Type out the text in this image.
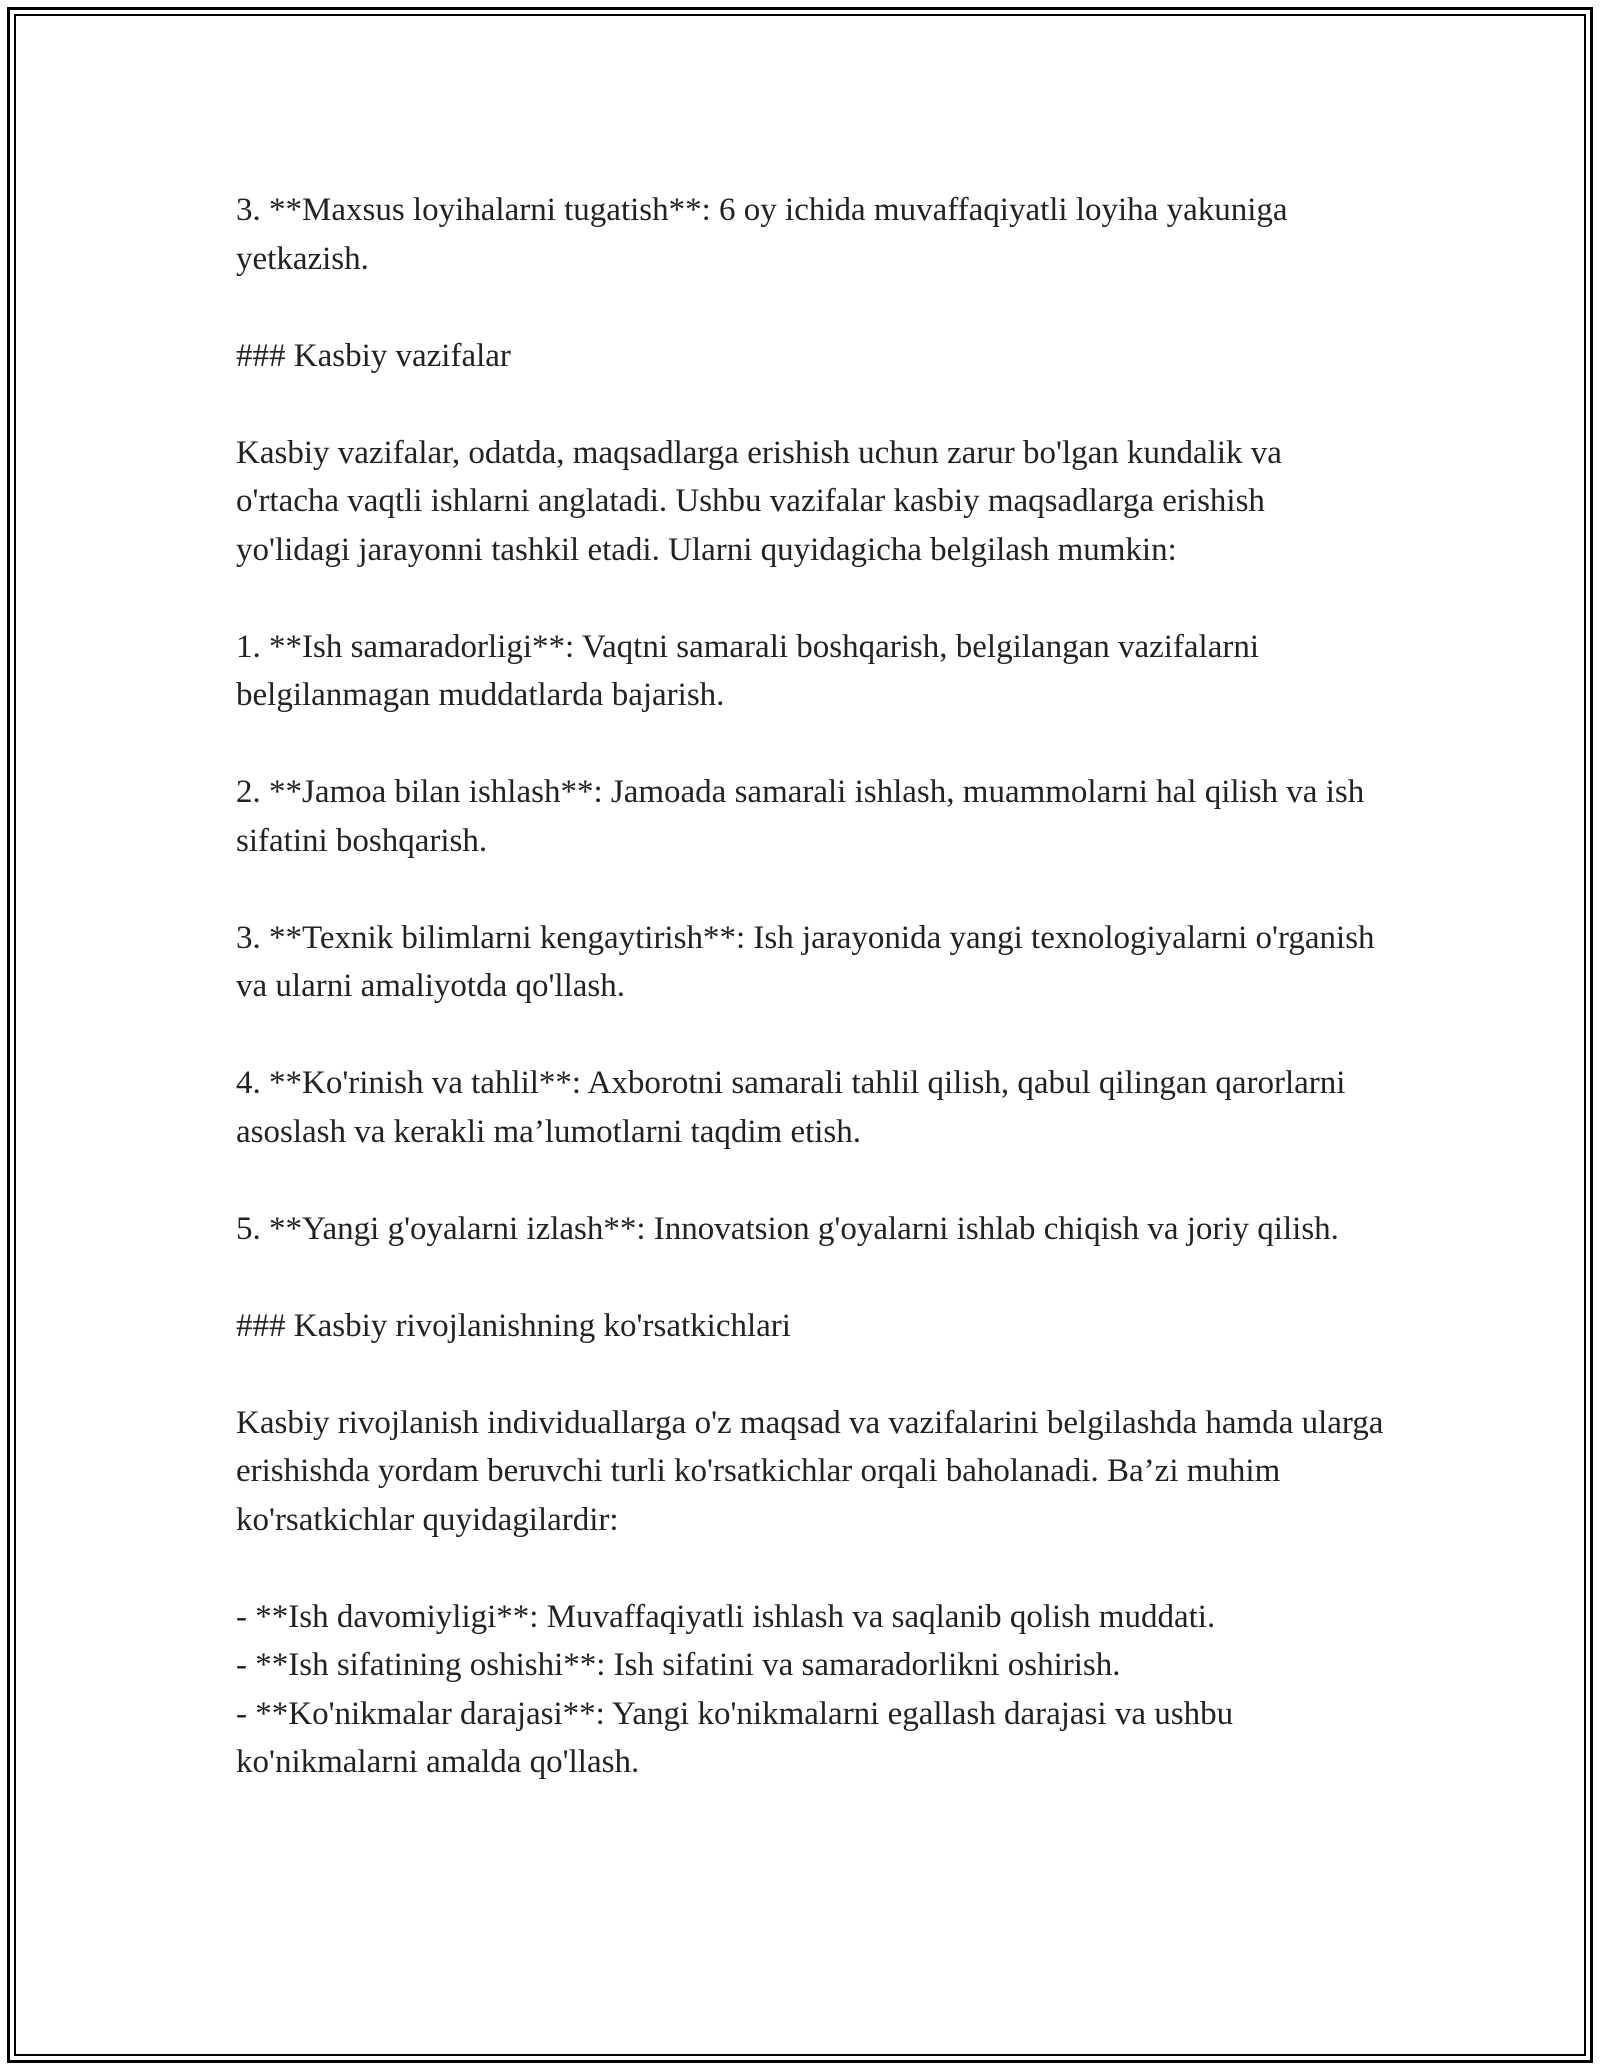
3. **Maxsus loyihalarni tugatish**: 6 oy ichida muvaffaqiyatli loyiha yakuniga yetkazish.

### Kasbiy vazifalar

Kasbiy vazifalar, odatda, maqsadlarga erishish uchun zarur bo'lgan kundalik va o'rtacha vaqtli ishlarni anglatadi. Ushbu vazifalar kasbiy maqsadlarga erishish yo'lidagi jarayonni tashkil etadi. Ularni quyidagicha belgilash mumkin:

1. **Ish samaradorligi**: Vaqtni samarali boshqarish, belgilangan vazifalarni belgilanmagan muddatlarda bajarish.

2. **Jamoa bilan ishlash**: Jamoada samarali ishlash, muammolarni hal qilish va ish sifatini boshqarish.

3. **Texnik bilimlarni kengaytirish**: Ish jarayonida yangi texnologiyalarni o'rganish va ularni amaliyotda qo'llash.

4. **Ko'rinish va tahlil**: Axborotni samarali tahlil qilish, qabul qilingan qarorlarni asoslash va kerakli ma’lumotlarni taqdim etish.

5. **Yangi g'oyalarni izlash**: Innovatsion g'oyalarni ishlab chiqish va joriy qilish.

### Kasbiy rivojlanishning ko'rsatkichlari

Kasbiy rivojlanish individuallarga o'z maqsad va vazifalarini belgilashda hamda ularga erishishda yordam beruvchi turli ko'rsatkichlar orqali baholanadi. Ba’zi muhim ko'rsatkichlar quyidagilardir:

- **Ish davomiyligi**: Muvaffaqiyatli ishlash va saqlanib qolish muddati.

- **Ish sifatining oshishi**: Ish sifatini va samaradorlikni oshirish.

- **Ko'nikmalar darajasi**: Yangi ko'nikmalarni egallash darajasi va ushbu ko'nikmalarni amalda qo'llash.
